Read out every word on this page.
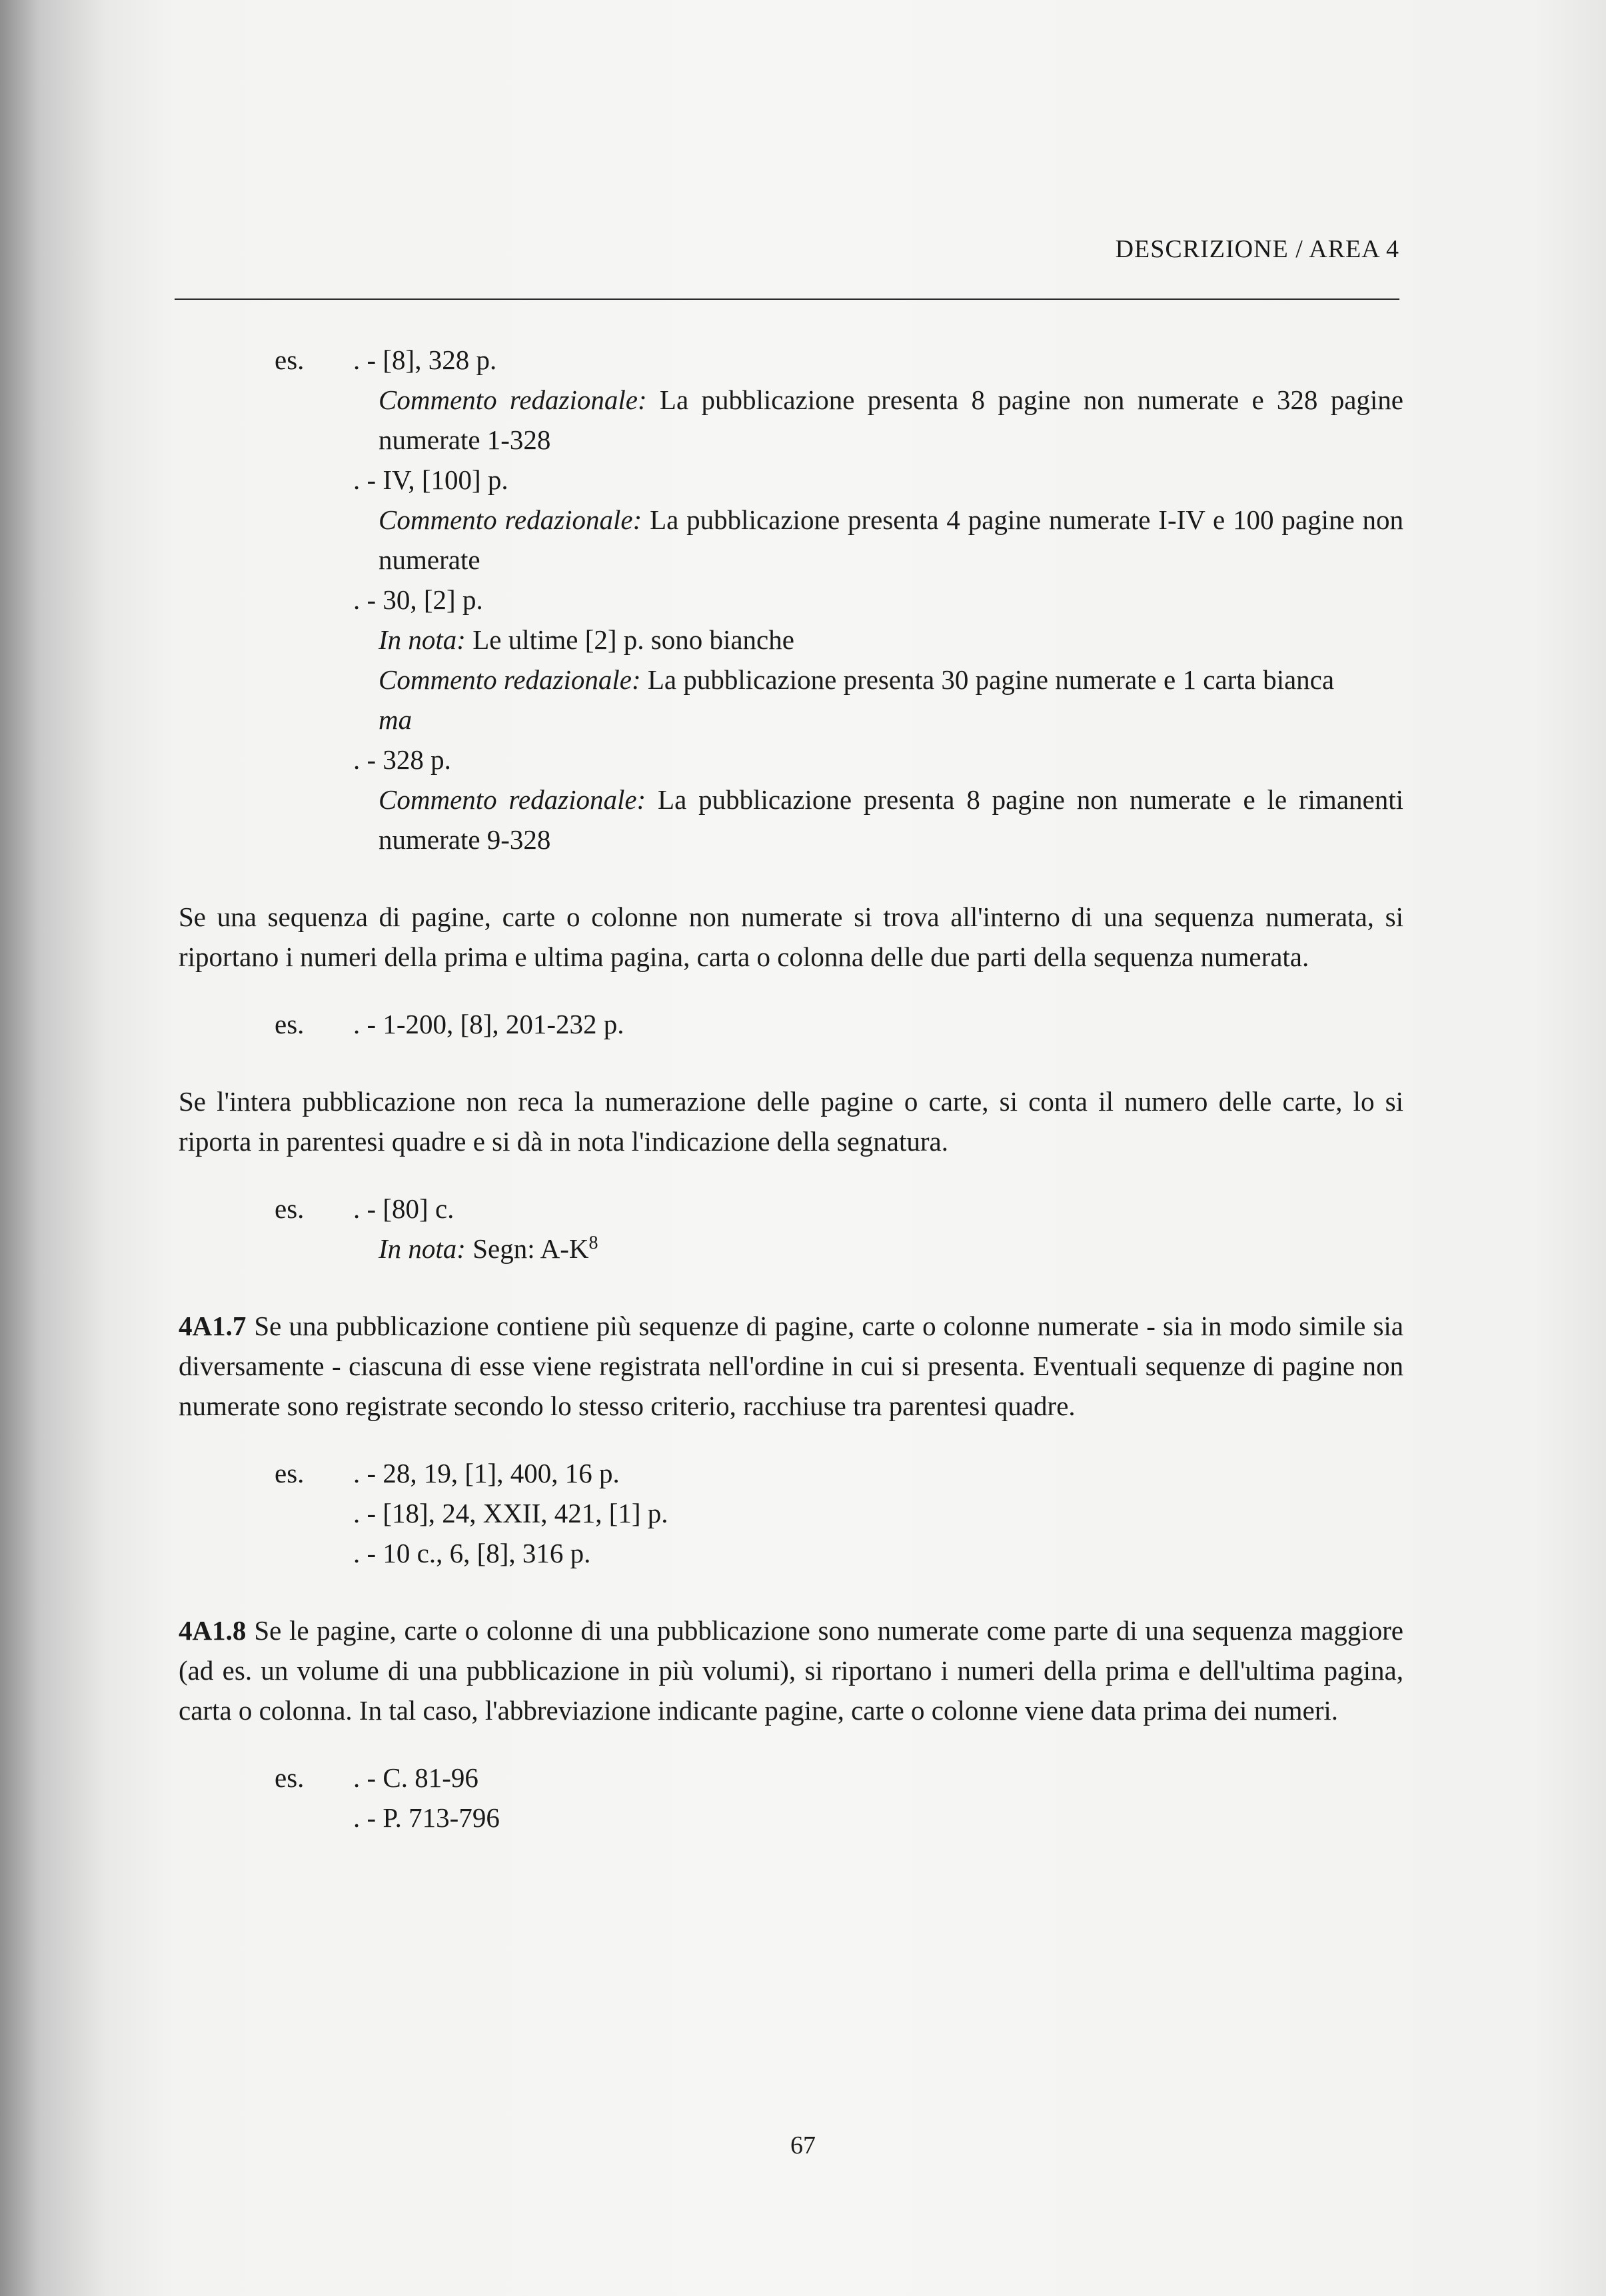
DESCRIZIONE / AREA 4
es. . - [8], 328 p.
Commento redazionale: La pubblicazione presenta 8 pagine non numerate e 328 pagine numerate 1-328
. - IV, [100] p.
Commento redazionale: La pubblicazione presenta 4 pagine numerate I-IV e 100 pagine non numerate
. - 30, [2] p.
In nota: Le ultime [2] p. sono bianche
Commento redazionale: La pubblicazione presenta 30 pagine numerate e 1 carta bianca
ma
. - 328 p.
Commento redazionale: La pubblicazione presenta 8 pagine non numerate e le rimanenti numerate 9-328

Se una sequenza di pagine, carte o colonne non numerate si trova all'interno di una sequenza numerata, si riportano i numeri della prima e ultima pagina, carta o colonna delle due parti della sequenza numerata.

es. . - 1-200, [8], 201-232 p.

Se l'intera pubblicazione non reca la numerazione delle pagine o carte, si conta il numero delle carte, lo si riporta in parentesi quadre e si dà in nota l'indicazione della segnatura.

es. . - [80] c.
In nota: Segn: $A-K^8$

4A1.7 Se una pubblicazione contiene più sequenze di pagine, carte o colonne numerate - sia in modo simile sia diversamente - ciascuna di esse viene registrata nell'ordine in cui si presenta. Eventuali sequenze di pagine non numerate sono registrate secondo lo stesso criterio, racchiuse tra parentesi quadre.

es. . - 28, 19, [1], 400, 16 p.
. - [18], 24, XXII, 421, [1] p.
. - 10 c., 6, [8], 316 p.

4A1.8 Se le pagine, carte o colonne di una pubblicazione sono numerate come parte di una sequenza maggiore (ad es. un volume di una pubblicazione in più volumi), si riportano i numeri della prima e dell'ultima pagina, carta o colonna. In tal caso, l'abbreviazione indicante pagine, carte o colonne viene data prima dei numeri.

es. . - C. 81-96
. - P. 713-796
67
